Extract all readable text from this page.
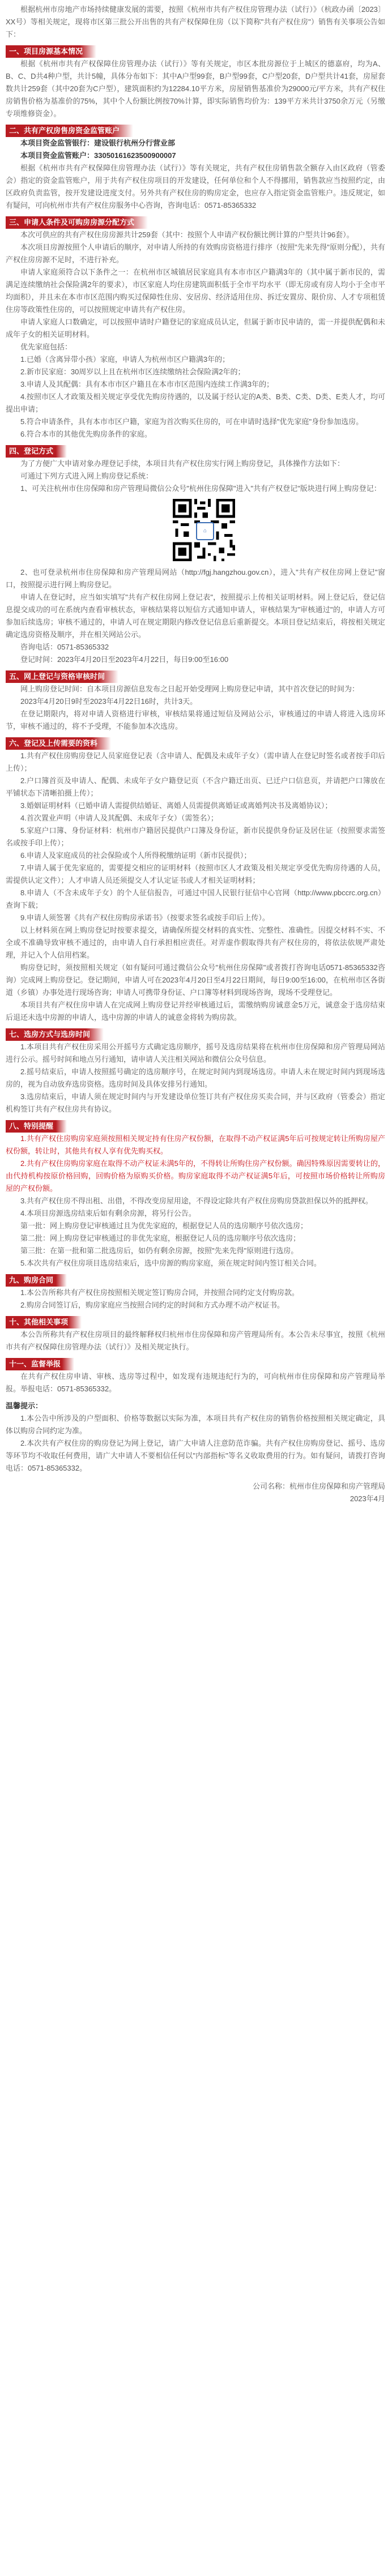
根据杭州市房地产市场持续健康发展的需要，按照《杭州市共有产权住房管理办法（试行）》（杭政办函〔2023〕XX号）等相关规定，现将市区第三批公开出售的共有产权保障住房（以下简称"共有产权住房"）销售有关事项公告如下：

一、项目房源基本情况

根据《杭州市共有产权保障住房管理办法（试行）》等有关规定，市区本批房源位于上城区的德嘉府，均为A、B、C、D共4种户型，共计5幢，具体分布如下：其中A户型99套，B户型99套，C户型20套，D户型共计41套，房屋套数共计259套（其中20套为C户型），建筑面积约为12284.10平方米，房屋销售基准价为29000元/平方米，共有产权住房销售价格为基准价的75%，其中个人份额比例按70%计算，即实际销售均价为：139平方米共计3750余万元（另缴专项维修资金）。

二、共有产权房售房资金监管账户

本项目资金监管银行：建设银行杭州分行营业部

本项目资金监管账户：33050161623500900007

根据《杭州市共有产权保障住房管理办法（试行）》等有关规定，共有产权住房销售款全额存入由区政府（管委会）指定的资金监管账户，用于共有产权住房项目的开发建设，任何单位和个人不得挪用，销售款应当按照约定，由区政府负责监管，按开发建设进度支付。另外共有产权住房的购房定金，也应存入指定资金监管账户。违反规定，如有疑问，可向杭州市共有产权住房服务中心咨询，咨询电话：0571-85365332

三、申请人条件及可购房房源分配方式

本次可供应的共有产权住房房源共计259套（其中：按照个人申请产权份额比例计算的户型共计96套）。

本次项目房源按照个人申请后的顺序，对申请人所持的有效购房资格进行排序（按照"先来先得"原则分配），共有产权住房房源不足时，不进行补充。

申请人家庭须符合以下条件之一：在杭州市区城镇居民家庭具有本市市区户籍满3年的（其中属于新市民的，需满足连续缴纳社会保险满2年的要求），市区家庭人均住房建筑面积低于全市平均水平（即无房或有房人均小于全市平均面积），并且未在本市市区范围内购买过保障性住房、安居房、经济适用住房、拆迁安置房、限价房、人才专项租赁住房等政策性住房的，可以按照规定申请共有产权住房。

申请人家庭人口数确定，可以按照申请时户籍登记的家庭成员认定，但属于新市民申请的，需一并提供配偶和未成年子女的相关证明材料。

优先家庭包括：

1.已婚（含离异带小孩）家庭，申请人为杭州市区户籍满3年的；

2.新市民家庭：30周岁以上且在杭州市区连续缴纳社会保险满2年的；

3.申请人及其配偶：具有本市市区户籍且在本市市区范围内连续工作满3年的；

4.按照市区人才政策及相关规定享受优先购房待遇的，以及属于经认定的A类、B类、C类、D类、E类人才，均可提出申请；

5.符合申请条件，具有本市市区户籍，家庭为首次购买住房的，可在申请时选择"优先家庭"身份参加选房。

6.符合本市的其他优先购房条件的家庭。

四、登记方式

为了方便广大申请对象办理登记手续，本项目共有产权住房实行网上购房登记，具体操作方法如下：

可通过下列方式进入网上购房登记系统：

1、可关注杭州市住房保障和房产管理局微信公众号"杭州住房保障"进入"共有产权登记"版块进行网上购房登记：

⌂

2、也可登录杭州市住房保障和房产管理局网站（http://fgj.hangzhou.gov.cn），进入"共有产权住房网上登记"窗口，按照提示进行网上购房登记。

申请人在登记时，应当如实填写"共有产权住房网上登记表"，按照提示上传相关证明材料。网上登记后，登记信息提交成功的可在系统内查看审核状态，审核结果将以短信方式通知申请人，审核结果为"审核通过"的，申请人方可参加后续选房；审核不通过的，申请人可在规定期限内修改登记信息后重新提交。本项目登记结束后，将按相关规定确定选房资格及顺序，并在相关网站公示。

咨询电话：0571-85365332

登记时间：2023年4月20日至2023年4月22日，每日9:00至16:00

五、网上登记与资格审核时间

网上购房登记时间：自本项目房源信息发布之日起开始受理网上购房登记申请，其中首次登记的时间为：

2023年4月20日9时至2023年4月22日16时，共计3天。

在登记期限内，将对申请人资格进行审核，审核结果将通过短信及网站公示，审核通过的申请人将进入选房环节，审核不通过的，将不予受理，不能参加本次选房。

六、登记及上传需要的资料

1.共有产权住房购房登记人员家庭登记表（含申请人、配偶及未成年子女）（需申请人在登记时签名或者按手印后上传）；

2.户口簿首页及申请人、配偶、未成年子女户籍登记页（不含户籍迁出页、已迁户口信息页，并请把户口簿放在平铺状态下清晰拍摄上传）；

3.婚姻证明材料（已婚申请人需提供结婚证、离婚人员需提供离婚证或离婚判决书及离婚协议）；

4.首次置业声明（申请人及其配偶、未成年子女）（需签名）；

5.家庭户口簿、身份证材料：杭州市户籍居民提供户口簿及身份证，新市民提供身份证及居住证（按照要求需签名或按手印上传）；

6.申请人及家庭成员的社会保险或个人所得税缴纳证明（新市民提供）；

7.申请人属于优先家庭的，需要提交相应的证明材料（按照市区人才政策及相关规定享受优先购房待遇的人员，需提供认定文件）；人才申请人员还须提交人才认定证书或人才相关证明材料；

8.申请人（不含未成年子女）的个人征信报告，可通过中国人民银行征信中心官网（http://www.pbccrc.org.cn）查询下载；

9.申请人须签署《共有产权住房购房承诺书》（按要求签名或按手印后上传）。

以上材料须在网上购房登记时按要求提交，请确保所提交材料的真实性、完整性、准确性。因提交材料不实、不全或不准确导致审核不通过的，由申请人自行承担相应责任。对弄虚作假取得共有产权住房的，将依法依规严肃处理，并记入个人信用档案。

购房登记时，须按照相关规定（如有疑问可通过微信公众号"杭州住房保障"或者拨打咨询电话0571-85365332咨询）完成网上购房登记。登记期间，申请人可在2023年4月20日至4月22日期间，每日9:00至16:00，在杭州市区各街道（乡镇）办事处进行现场咨询；申请人可携带身份证、户口簿等材料到现场咨询，现场不受理登记。

本项目共有产权住房申请人在完成网上购房登记并经审核通过后，需缴纳购房诚意金5万元，诚意金于选房结束后退还未选中房源的申请人，选中房源的申请人的诚意金将转为购房款。

七、选房方式与选房时间

1.本项目共有产权住房采用公开摇号方式确定选房顺序，摇号及选房结果将在杭州市住房保障和房产管理局网站进行公示。摇号时间和地点另行通知，请申请人关注相关网站和微信公众号信息。

2.摇号结束后，申请人按照摇号确定的选房顺序号，在规定时间内到现场选房。申请人未在规定时间内到现场选房的，视为自动放弃选房资格。选房时间及具体安排另行通知。

3.选房结束后，申请人须在规定时间内与开发建设单位签订共有产权住房买卖合同，并与区政府（管委会）指定机构签订共有产权住房共有协议。

八、特别提醒

1.共有产权住房购房家庭须按照相关规定持有住房产权份额，在取得不动产权证满5年后可按规定转让所购房屋产权份额，转让时，其他共有权人享有优先购买权。

2.共有产权住房购房家庭在取得不动产权证未满5年的，不得转让所购住房产权份额。确因特殊原因需要转让的，由代持机构按原价格回购，回购价格为原购买价格。购房家庭取得不动产权证满5年后，可按照市场价格转让所购房屋的产权份额。

3.共有产权住房不得出租、出借，不得改变房屋用途，不得设定除共有产权住房购房贷款担保以外的抵押权。

4.本项目房源选房结束后如有剩余房源，将另行公告。

第一批：网上购房登记审核通过且为优先家庭的，根据登记人员的选房顺序号依次选房；

第二批：网上购房登记审核通过的非优先家庭，根据登记人员的选房顺序号依次选房；

第三批：在第一批和第二批选房后，如仍有剩余房源，按照"先来先得"原则进行选房。

5.本次共有产权住房项目选房结束后，选中房源的购房家庭，须在规定时间内签订相关合同。

九、购房合同

1.本公告所称共有产权住房按照相关规定签订购房合同，并按照合同约定支付购房款。

2.购房合同签订后，购房家庭应当按照合同约定的时间和方式办理不动产权证书。

十、其他相关事项

本公告所称共有产权住房项目的最终解释权归杭州市住房保障和房产管理局所有。本公告未尽事宜，按照《杭州市共有产权保障住房管理办法（试行）》及相关规定执行。

十一、监督举报

在共有产权住房申请、审核、选房等过程中，如发现有违规违纪行为的，可向杭州市住房保障和房产管理局举报。举报电话：0571-85365332。

温馨提示：

1.本公告中所涉及的户型面积、价格等数据以实际为准，本项目共有产权住房的销售价格按照相关规定确定，具体以购房合同约定为准。

2.本次共有产权住房的购房登记为网上登记，请广大申请人注意防范诈骗。共有产权住房购房登记、摇号、选房等环节均不收取任何费用，请广大申请人不要相信任何以"内部指标"等名义收取费用的行为。如有疑问，请拨打咨询电话：0571-85365332。

公司名称：杭州市住房保障和房产管理局

2023年4月
